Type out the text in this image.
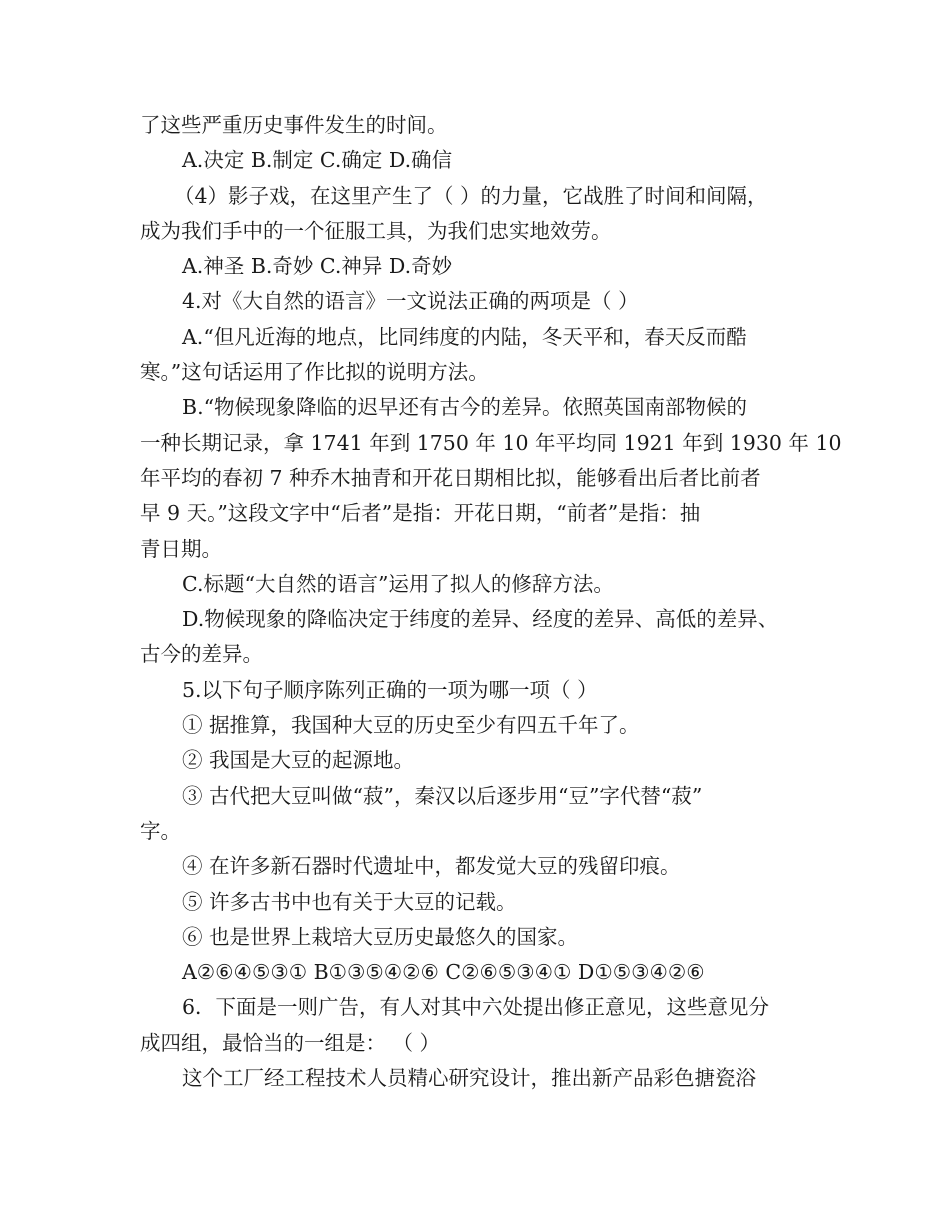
了这些严重历史事件发生的时间。

A.决定 B.制定 C.确定 D.确信

（4）影子戏，在这里产生了（ ）的力量，它战胜了时间和间隔，

成为我们手中的一个征服工具，为我们忠实地效劳。

A.神圣 B.奇妙 C.神异 D.奇妙

4.对《大自然的语言》一文说法正确的两项是（ ）

A.“但凡近海的地点，比同纬度的内陆，冬天平和，春天反而酷

寒。”这句话运用了作比拟的说明方法。

B.“物候现象降临的迟早还有古今的差异。依照英国南部物候的

一种长期记录，拿 1741 年到 1750 年 10 年平均同 1921 年到 1930 年 10

年平均的春初 7 种乔木抽青和开花日期相比拟，能够看出后者比前者

早 9 天。”这段文字中“后者”是指：开花日期，“前者”是指：抽

青日期。

C.标题“大自然的语言”运用了拟人的修辞方法。

D.物候现象的降临决定于纬度的差异、经度的差异、高低的差异、

古今的差异。

5.以下句子顺序陈列正确的一项为哪一项（ ）

① 据推算，我国种大豆的历史至少有四五千年了。

② 我国是大豆的起源地。

③ 古代把大豆叫做“菽”，秦汉以后逐步用“豆”字代替“菽”

字。

④ 在许多新石器时代遗址中，都发觉大豆的残留印痕。

⑤ 许多古书中也有关于大豆的记载。

⑥ 也是世界上栽培大豆历史最悠久的国家。

A②⑥④⑤③① B①③⑤④②⑥ C②⑥⑤③④① D①⑤③④②⑥

6．下面是一则广告，有人对其中六处提出修正意见，这些意见分

成四组，最恰当的一组是： （ ）

这个工厂经工程技术人员精心研究设计，推出新产品彩色搪瓷浴
